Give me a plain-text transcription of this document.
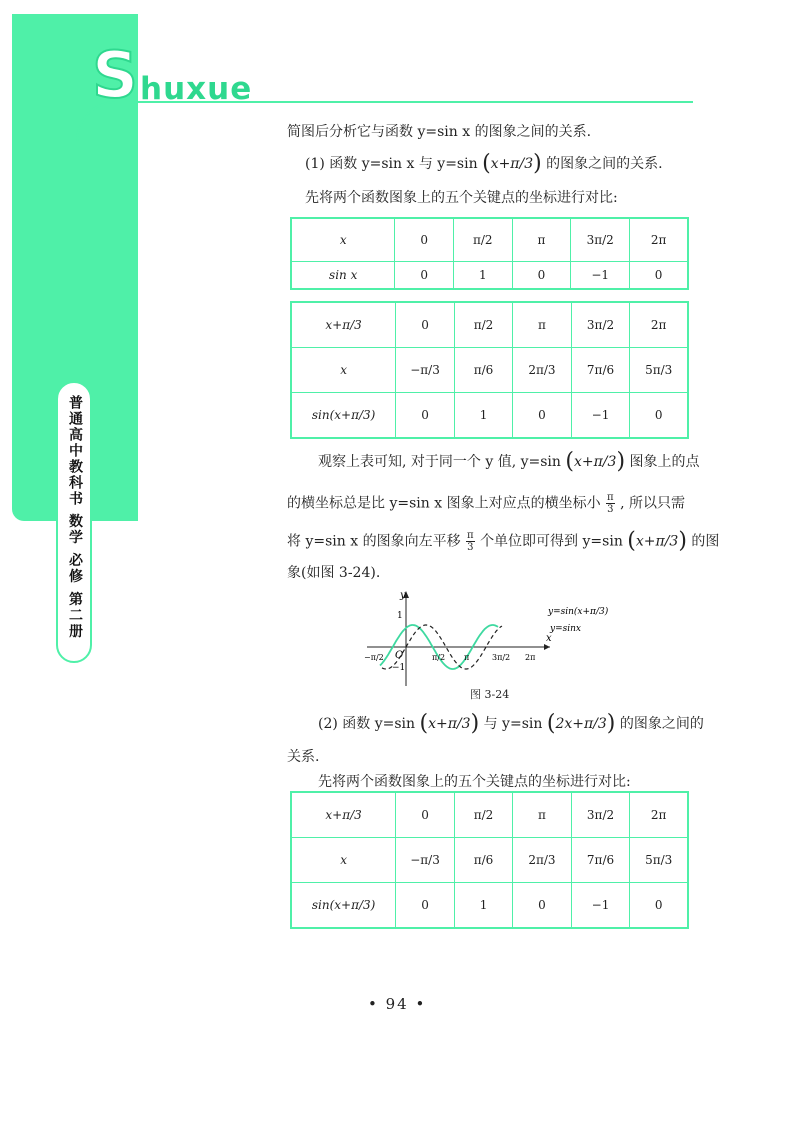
S huxue
普通高中教科书 数学 必修 第二册
简图后分析它与函数 y=sin x 的图象之间的关系.
(1) 函数 y=sin x 与 y=sin (x+π/3) 的图象之间的关系.
先将两个函数图象上的五个关键点的坐标进行对比:
x	0	π/2	π	3π/2	2π
sin x	0	1	0	−1	0
x+π/3	0	π/2	π	3π/2	2π
x	−π/3	π/6	2π/3	7π/6	5π/3
sin(x+π/3)	0	1	0	−1	0
观察上表可知, 对于同一个 y 值, y=sin (x+π/3) 图象上的点
的横坐标总是比 y=sin x 图象上对应点的横坐标小 $\frac{\pi}{3}$ , 所以只需
将 y=sin x 的图象向左平移 $\frac{\pi}{3}$ 个单位即可得到 y=sin (x+π/3) 的图
象(如图 3-24).
y
x
O
1
−1
−π/2	π/2 π	3π/2 2π
y=sin(x+π/3)
y=sinx
图 3-24
(2) 函数 y=sin (x+π/3) 与 y=sin (2x+π/3) 的图象之间的
关系.
先将两个函数图象上的五个关键点的坐标进行对比:
x+π/3	0	π/2	π	3π/2	2π
x	−π/3	π/6	2π/3	7π/6	5π/3
sin(x+π/3)	0	1	0	−1	0
• 94 •
